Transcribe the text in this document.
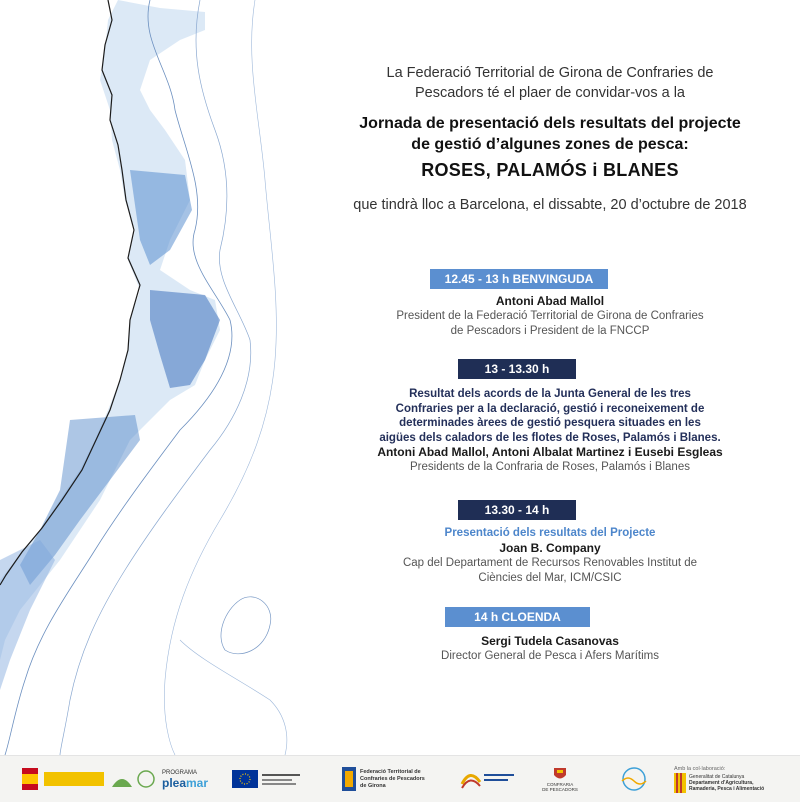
La Federació Territorial de Girona de Confraries de
Pescadors té el plaer de convidar-vos a la
Jornada de presentació dels resultats del projecte
de gestió d’algunes zones de pesca:
ROSES, PALAMÓS i BLANES
que tindrà lloc a Barcelona, el dissabte, 20 d’octubre de 2018
12.45 - 13 h BENVINGUDA
Antoni Abad Mallol
President de la Federació Territorial de Girona de Confraries
de Pescadors i President de la FNCCP
13 - 13.30 h
Resultat dels acords de la Junta General de les tres
Confraries per a la declaració, gestió i reconeixement de
determinades àrees de gestió pesquera situades en les
aigües dels caladors de les flotes de Roses, Palamós i Blanes.
Antoni Abad Mallol, Antoni Albalat Martinez i Eusebi Esgleas
Presidents de la Confraria de Roses, Palamós i Blanes
13.30 - 14 h
Presentació dels resultats del Projecte
Joan B. Company
Cap del Departament de Recursos Renovables Institut de
Ciències del Mar, ICM/CSIC
14 h CLOENDA
Sergi Tudela Casanovas
Director General de Pesca i Afers Marítims
PROGRAMA
pleamar
Federació Territorial de
Confraries de Pescadors
de Girona	CONFRARIA
DE PESCADORS
Amb la col·laboració:
Generalitat de Catalunya
Departament d’Agricultura,
Ramaderia, Pesca i Alimentació
